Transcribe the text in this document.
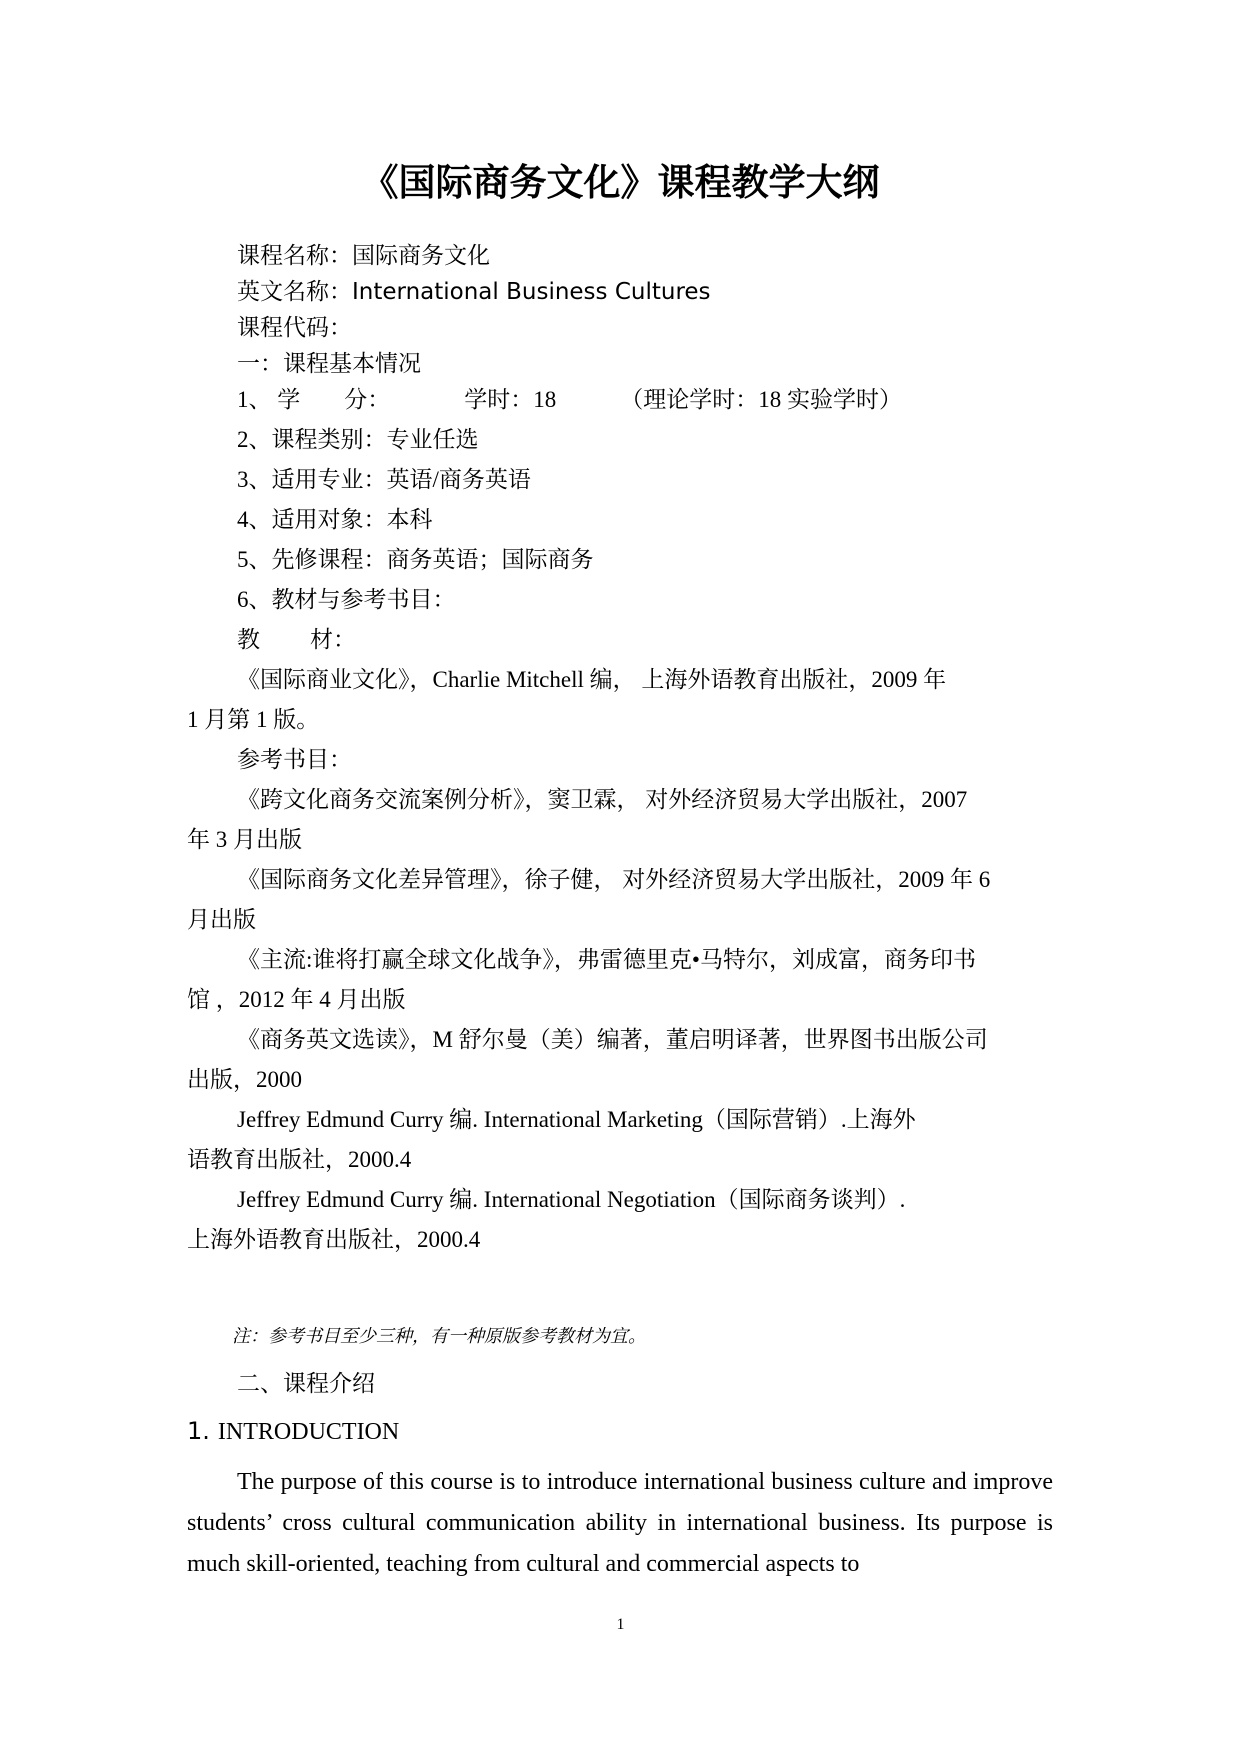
《国际商务文化》课程教学大纲
课程名称：国际商务文化
英文名称：International Business Cultures
课程代码：
一：课程基本情况
1、 学 分：	学时：18	（理论学时：18 实验学时）
2、课程类别：专业任选
3、适用专业：英语/商务英语
4、适用对象：本科
5、先修课程：商务英语；国际商务
6、教材与参考书目：
教 材：
《国际商业文化》，Charlie Mitchell 编， 上海外语教育出版社，2009 年
1 月第 1 版。
参考书目：
《跨文化商务交流案例分析》，窦卫霖， 对外经济贸易大学出版社，2007
年 3 月出版
《国际商务文化差异管理》，徐子健， 对外经济贸易大学出版社，2009 年 6
月出版
《主流:谁将打赢全球文化战争》，弗雷德里克•马特尔，刘成富，商务印书
馆 ，2012 年 4 月出版
《商务英文选读》，M 舒尔曼（美）编著，董启明译著，世界图书出版公司
出版，2000
Jeffrey Edmund Curry 编. International Marketing（国际营销）.上海外
语教育出版社，2000.4
Jeffrey Edmund Curry 编. International Negotiation（国际商务谈判）.
上海外语教育出版社，2000.4
注：参考书目至少三种，有一种原版参考教材为宜。
二、课程介绍
1. INTRODUCTION
The purpose of this course is to introduce international business culture and improve students’ cross cultural communication ability in international business. Its purpose is much skill-oriented, teaching from cultural and commercial aspects to
1
